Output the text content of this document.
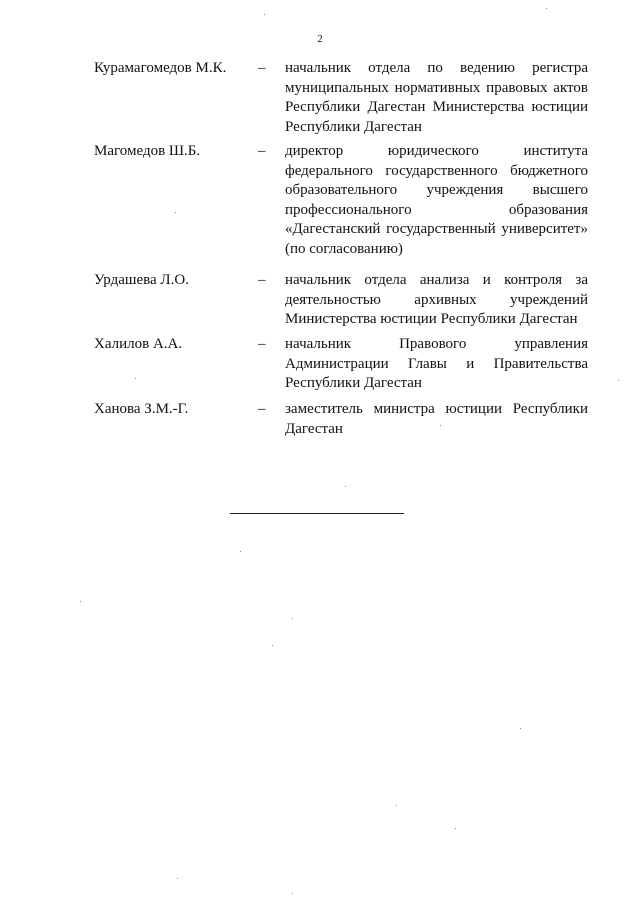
2
Курамагомедов М.К. – начальник отдела по ведению регистра муниципальных нормативных правовых актов Республики Дагестан Министерства юстиции Республики Дагестан
Магомедов Ш.Б.	– директор юридического института федерального государственного бюджетного образовательного учреждения высшего профессионального образования «Дагестанский государственный университет» (по согласованию)
Урдашева Л.О.	– начальник отдела анализа и контроля за деятельностью архивных учреждений Министерства юстиции Республики Дагестан
Халилов А.А.	– начальник Правового управления Администрации Главы и Правительства Республики Дагестан
Ханова З.М.-Г.	– заместитель министра юстиции Республики Дагестан
